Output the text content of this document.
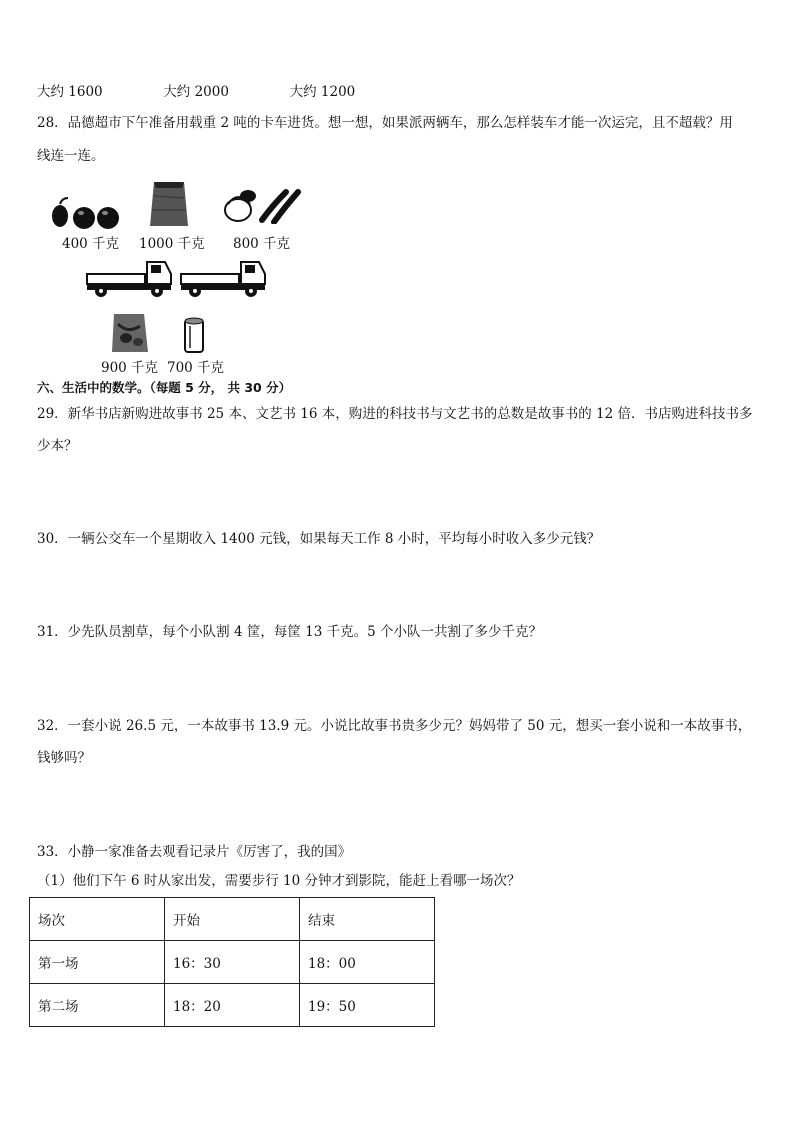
大约 1600	大约 2000	大约 1200
28．品德超市下午准备用载重 2 吨的卡车进货。想一想，如果派两辆车，那么怎样装车才能一次运完，且不超载？用
线连一连。
400 千克 1000 千克 800 千克
900 千克 700 千克
六、生活中的数学。（每题 5 分， 共 30 分）
29．新华书店新购进故事书 25 本、文艺书 16 本，购进的科技书与文艺书的总数是故事书的 12 倍．书店购进科技书多
少本？
30．一辆公交车一个星期收入 1400 元钱，如果每天工作 8 小时，平均每小时收入多少元钱？
31．少先队员割草，每个小队割 4 筐，每筐 13 千克。5 个小队一共割了多少千克？
32．一套小说 26.5 元，一本故事书 13.9 元。小说比故事书贵多少元？妈妈带了 50 元，想买一套小说和一本故事书，
钱够吗？
33．小静一家准备去观看记录片《厉害了，我的国》
（1）他们下午 6 时从家出发，需要步行 10 分钟才到影院，能赶上看哪一场次？
场次	开始	结束
第一场	16：30	18：00
第二场	18：20	19：50
